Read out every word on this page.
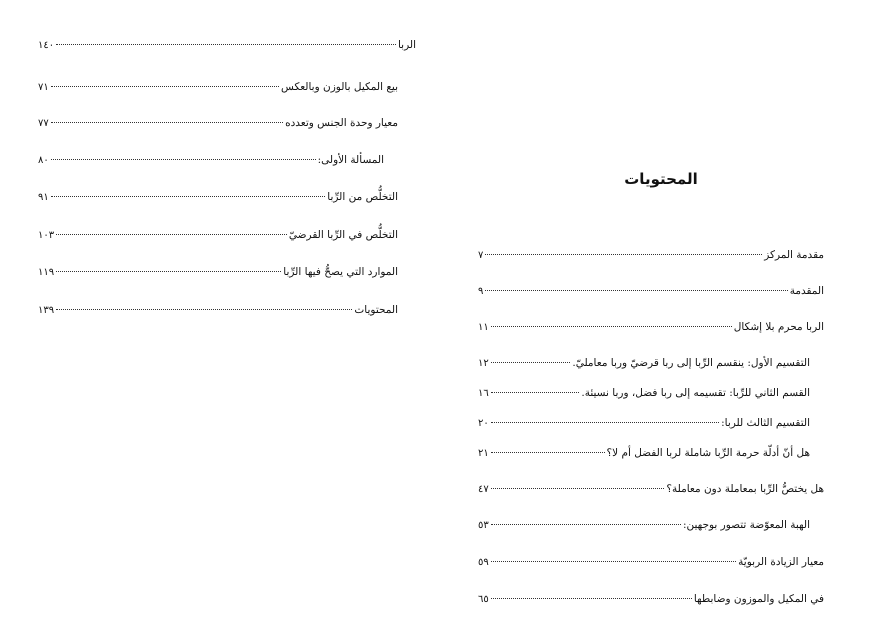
١٤٠	الربا
٧١	بيع المكيل بالوزن وبالعكس
٧٧	معيار وحدة الجنس وتعدده
٨٠	المسألة الأولى:
٩١	التخلُّص من الرِّبا
١٠٣	التخلُّص في الرِّبا القرضيّ
١١٩	الموارد التي يصحُّ فيها الرِّبا
١٣٩	المحتويات
المحتويات
٧	مقدمة المركز
٩	المقدمة
١١	الربا محرم بلا إشكال
١٢	التقسيم الأول: ينقسم الرِّبا إلى ربا قرضيّ وربا معامليّ.
١٦	القسم الثاني للرِّبا: تقسيمه إلى ربا فضل، وربا نسيئة.
٢٠	التقسيم الثالث للربا:
٢١	هل أنّ أدلّة حرمة الرِّبا شاملة لربا الفضل أم لا؟
٤٧	هل يختصُّ الرِّبا بمعاملة دون معاملة؟
٥٣	الهبة المعوّضة تتصور بوجهين:
٥٩	معيار الزيادة الربويّة
٦٥	في المكيل والموزون وضابطها
